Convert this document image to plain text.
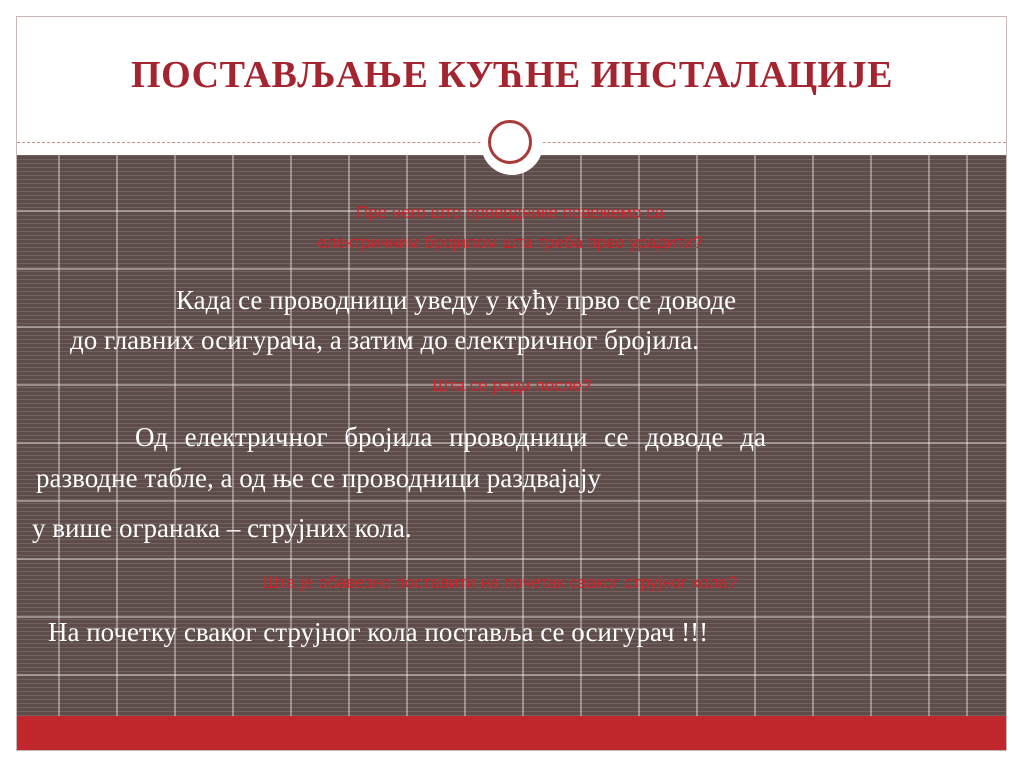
ПОСТАВЉАЊЕ КУЋНЕ ИНСТАЛАЦИЈЕ
Пре него што проводнике повежемо са
електричним бројилом шта треба прво урадити?
Када се проводници уведу у кућу прво се доводе
до главних осигурача, а затим до електричног бројила.
Шта се ради после?
Од електричног бројила проводници се доводе да
разводне табле, а од ње се проводници раздвајају
у више огранака – струјних кола.
Шта је обавезно поставити на почетак сваког струјног кола?
На почетку сваког струјног кола поставља се осигурач !!!
